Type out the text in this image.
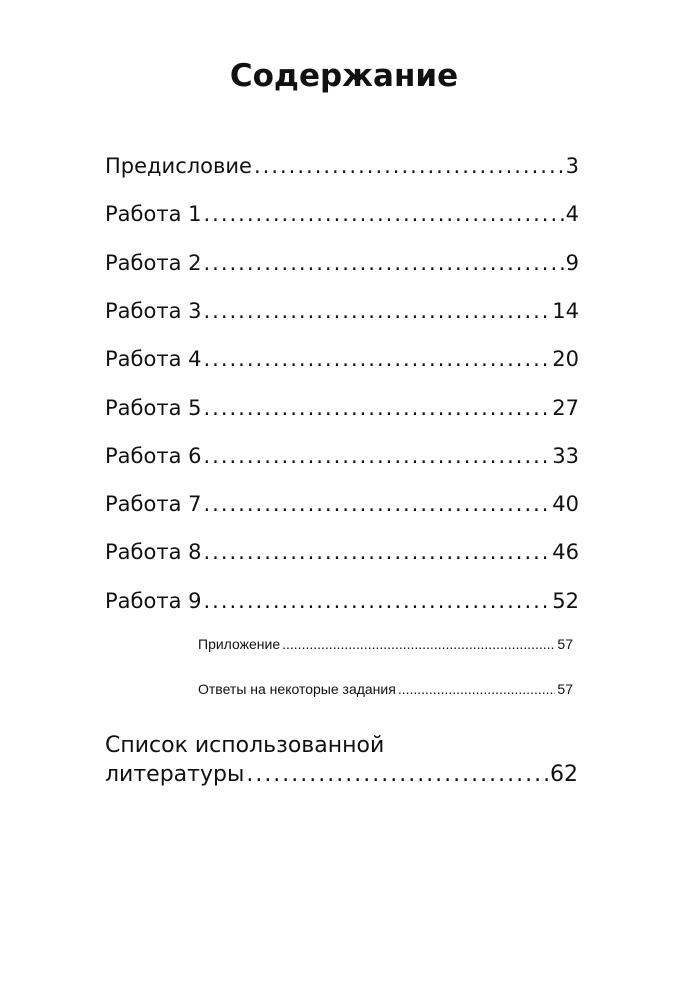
Содержание
Предисловие .....	3
Работа 1 .....	4
Работа 2 .....	9
Работа 3 .....	14
Работа 4 .....	20
Работа 5 .....	27
Работа 6 .....	33
Работа 7 .....	40
Работа 8 .....	46
Работа 9 .....	52
Приложение .....	57
Ответы на некоторые задания .....	57
Список использованной
литературы .....	62
